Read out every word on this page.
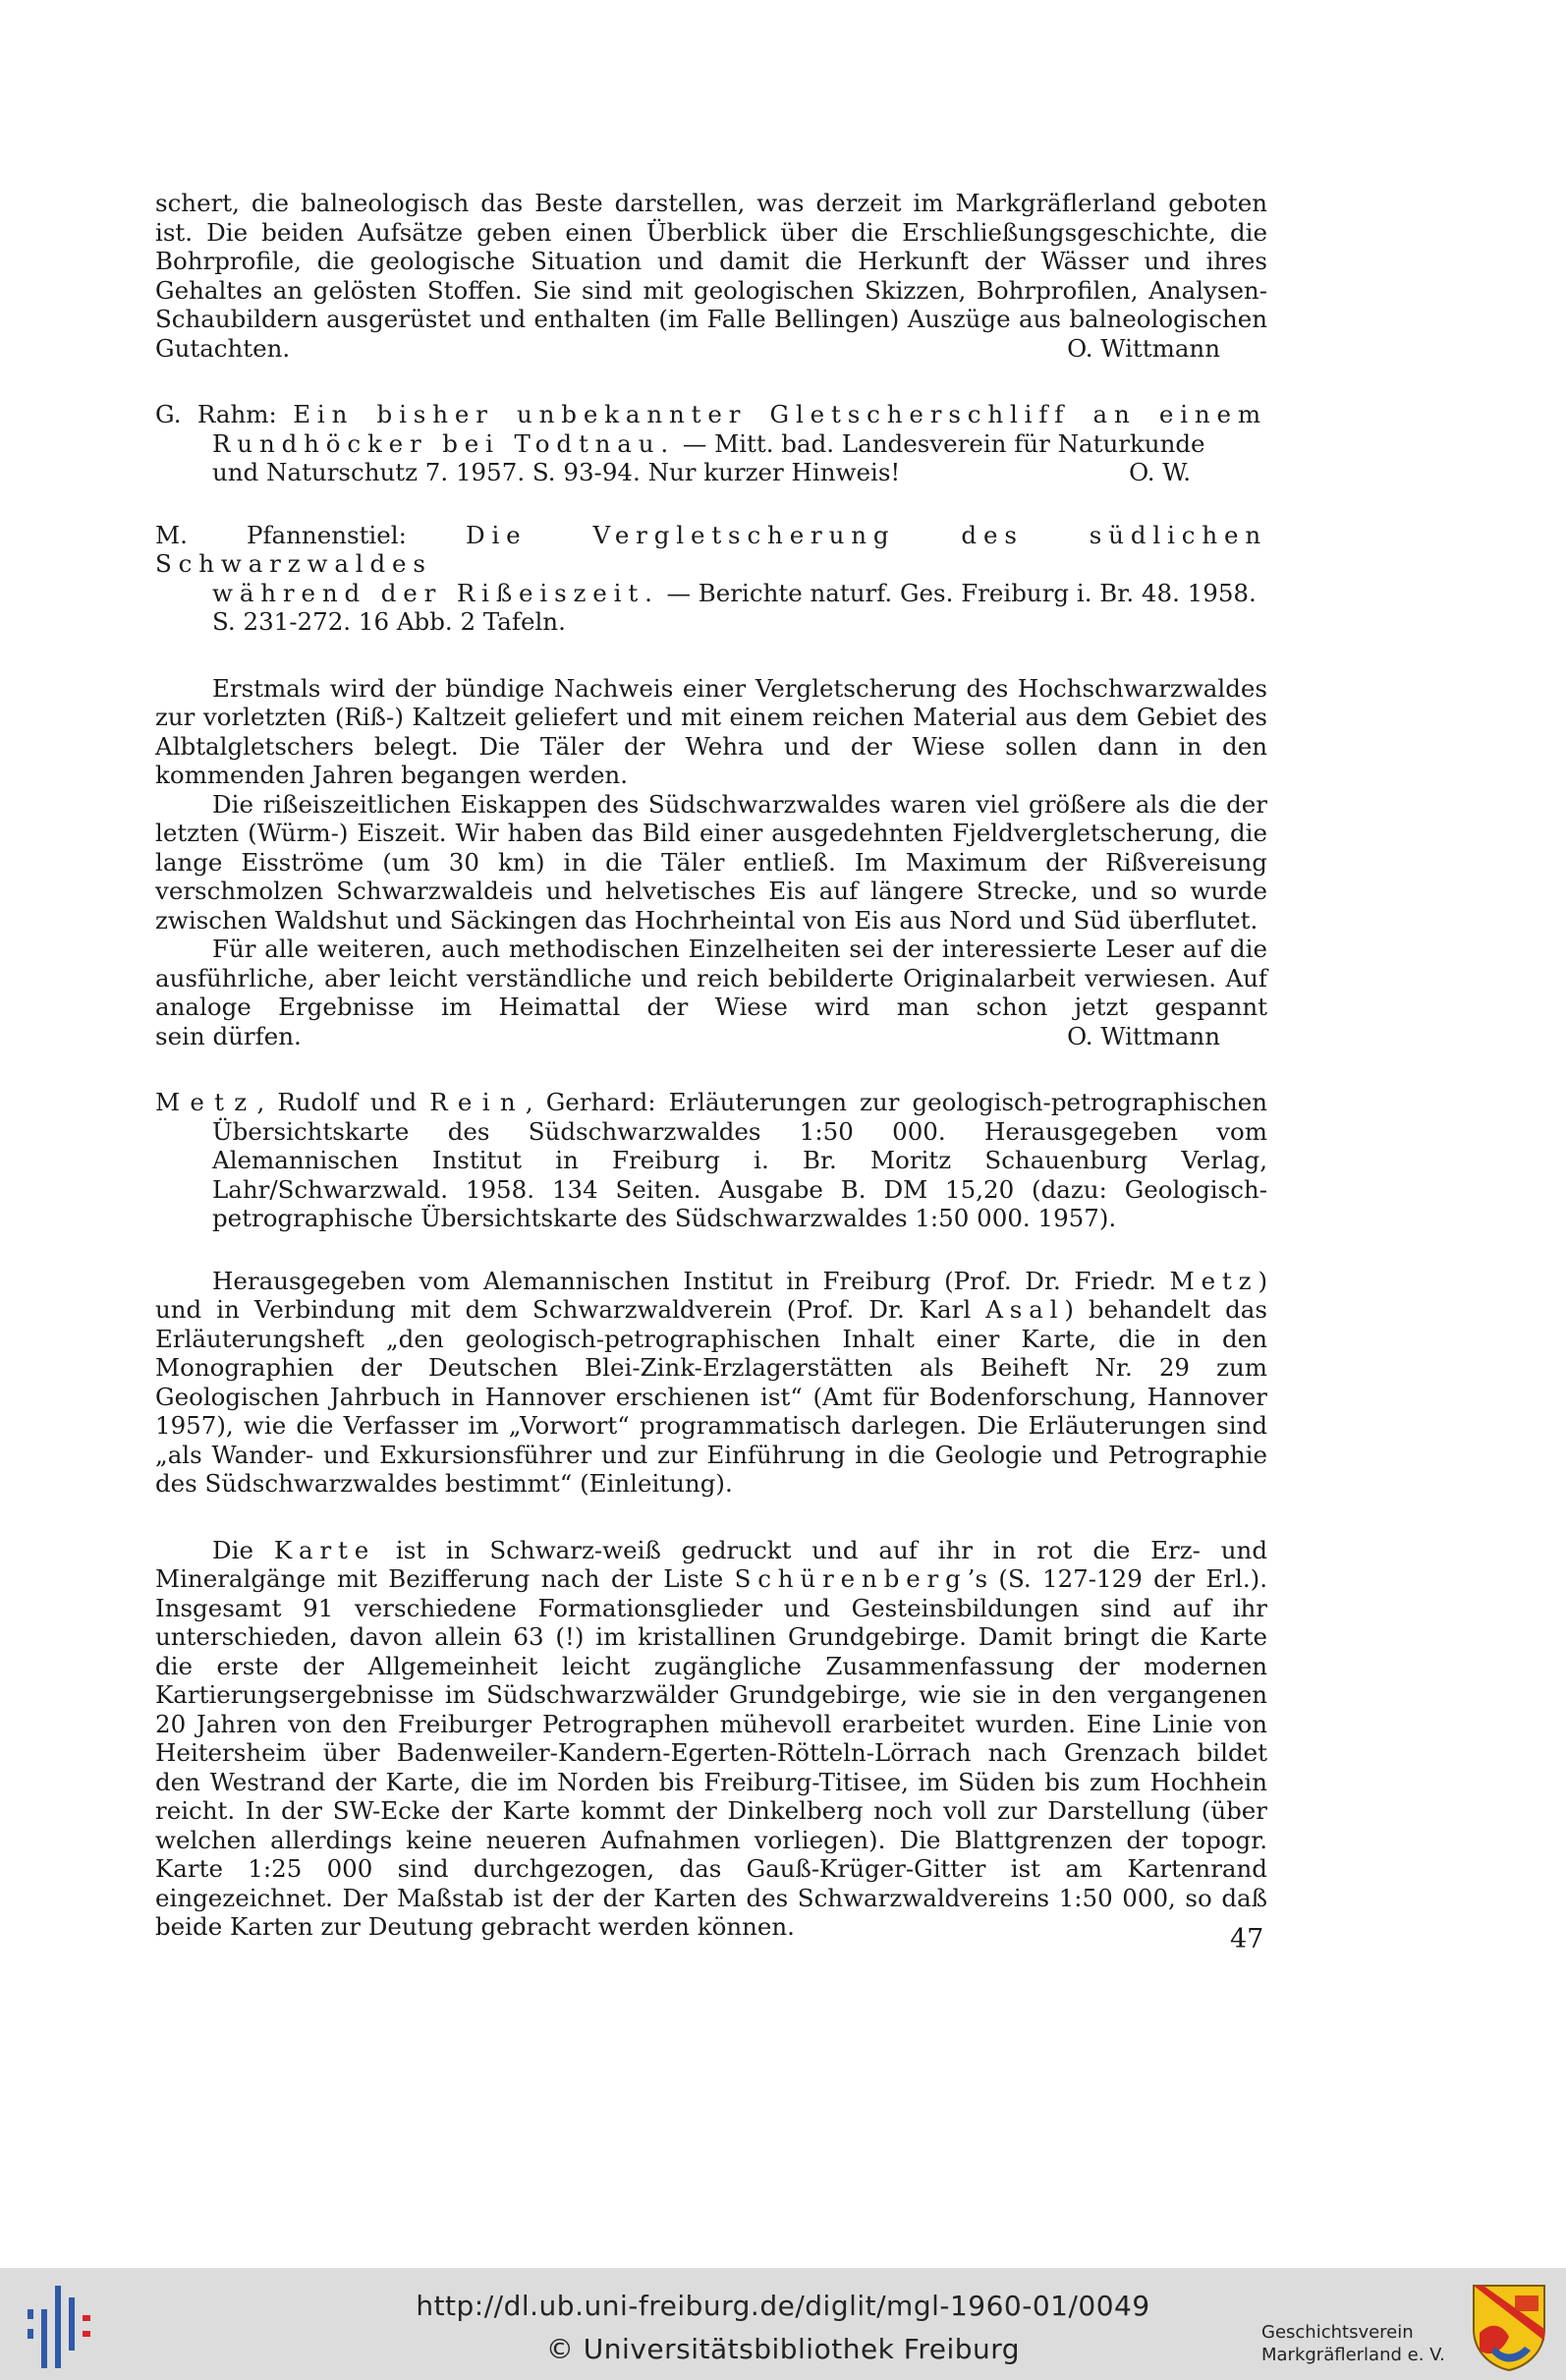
schert, die balneologisch das Beste darstellen, was derzeit im Markgräflerland geboten
ist. Die beiden Aufsätze geben einen Überblick über die Erschließungsgeschichte, die
Bohrprofile, die geologische Situation und damit die Herkunft der Wässer und ihres
Gehaltes an gelösten Stoffen. Sie sind mit geologischen Skizzen, Bohrprofilen, Analysen-
Schaubildern ausgerüstet und enthalten (im Falle Bellingen) Auszüge aus balneologischen
Gutachten.	O. Wittmann
G. Rahm: Ein bisher unbekannter Gletscherschliff an einem
Rundhöcker bei Todtnau. — Mitt. bad. Landesverein für Naturkunde
und Naturschutz 7. 1957. S. 93-94. Nur kurzer Hinweis!	O. W.
M. Pfannenstiel: Die Vergletscherung des südlichen Schwarzwaldes
während der Rißeiszeit. — Berichte naturf. Ges. Freiburg i. Br. 48. 1958.
S. 231-272. 16 Abb. 2 Tafeln.

Erstmals wird der bündige Nachweis einer Vergletscherung des Hochschwarzwaldes zur vorletzten (Riß-) Kaltzeit geliefert und mit einem reichen Material aus dem Gebiet des Albtalgletschers belegt. Die Täler der Wehra und der Wiese sollen dann in den kommenden Jahren begangen werden.

Die rißeiszeitlichen Eiskappen des Südschwarzwaldes waren viel größere als die der letzten (Würm-) Eiszeit. Wir haben das Bild einer ausgedehnten Fjeldvergletscherung, die lange Eisströme (um 30 km) in die Täler entließ. Im Maximum der Rißvereisung verschmolzen Schwarzwaldeis und helvetisches Eis auf längere Strecke, und so wurde zwischen Waldshut und Säckingen das Hochrheintal von Eis aus Nord und Süd überflutet.

Für alle weiteren, auch methodischen Einzelheiten sei der interessierte Leser auf die ausführliche, aber leicht verständliche und reich bebilderte Originalarbeit verwiesen. Auf analoge Ergebnisse im Heimattal der Wiese wird man schon jetzt gespannt

sein dürfen.	O. Wittmann
Metz, Rudolf und Rein, Gerhard: Erläuterungen zur geologisch-petrographischen

Übersichtskarte des Südschwarzwaldes 1:50 000. Herausgegeben vom Alemannischen Institut in Freiburg i. Br. Moritz Schauenburg Verlag, Lahr/Schwarzwald. 1958. 134 Seiten. Ausgabe B. DM 15,20 (dazu: Geologisch-petrographische Übersichtskarte des Südschwarzwaldes 1:50 000. 1957).

Herausgegeben vom Alemannischen Institut in Freiburg (Prof. Dr. Friedr. Metz) und in Verbindung mit dem Schwarzwaldverein (Prof. Dr. Karl Asal) behandelt das Erläuterungsheft „den geologisch-petrographischen Inhalt einer Karte, die in den Monographien der Deutschen Blei-Zink-Erzlagerstätten als Beiheft Nr. 29 zum Geologischen Jahrbuch in Hannover erschienen ist“ (Amt für Bodenforschung, Hannover 1957), wie die Verfasser im „Vorwort“ programmatisch darlegen. Die Erläuterungen sind „als Wander- und Exkursionsführer und zur Einführung in die Geologie und Petrographie des Südschwarzwaldes bestimmt“ (Einleitung).

Die Karte ist in Schwarz-weiß gedruckt und auf ihr in rot die Erz- und Mineralgänge mit Bezifferung nach der Liste Schürenberg’s (S. 127-129 der Erl.). Insgesamt 91 verschiedene Formationsglieder und Gesteinsbildungen sind auf ihr unterschieden, davon allein 63 (!) im kristallinen Grundgebirge. Damit bringt die Karte die erste der Allgemeinheit leicht zugängliche Zusammenfassung der modernen Kartierungsergebnisse im Südschwarzwälder Grundgebirge, wie sie in den vergangenen 20 Jahren von den Freiburger Petrographen mühevoll erarbeitet wurden. Eine Linie von Heitersheim über Badenweiler-Kandern-Egerten-Rötteln-Lörrach nach Grenzach bildet den Westrand der Karte, die im Norden bis Freiburg-Titisee, im Süden bis zum Hochhein reicht. In der SW-Ecke der Karte kommt der Dinkelberg noch voll zur Darstellung (über welchen allerdings keine neueren Aufnahmen vorliegen). Die Blattgrenzen der topogr. Karte 1:25 000 sind durchgezogen, das Gauß-Krüger-Gitter ist am Kartenrand eingezeichnet. Der Maßstab ist der der Karten des Schwarzwaldvereins 1:50 000, so daß beide Karten zur Deutung gebracht werden können.	47
http://dl.ub.uni-freiburg.de/diglit/mgl-1960-01/0049
© Universitätsbibliothek Freiburg
Geschichtsverein
Markgräflerland e. V.
